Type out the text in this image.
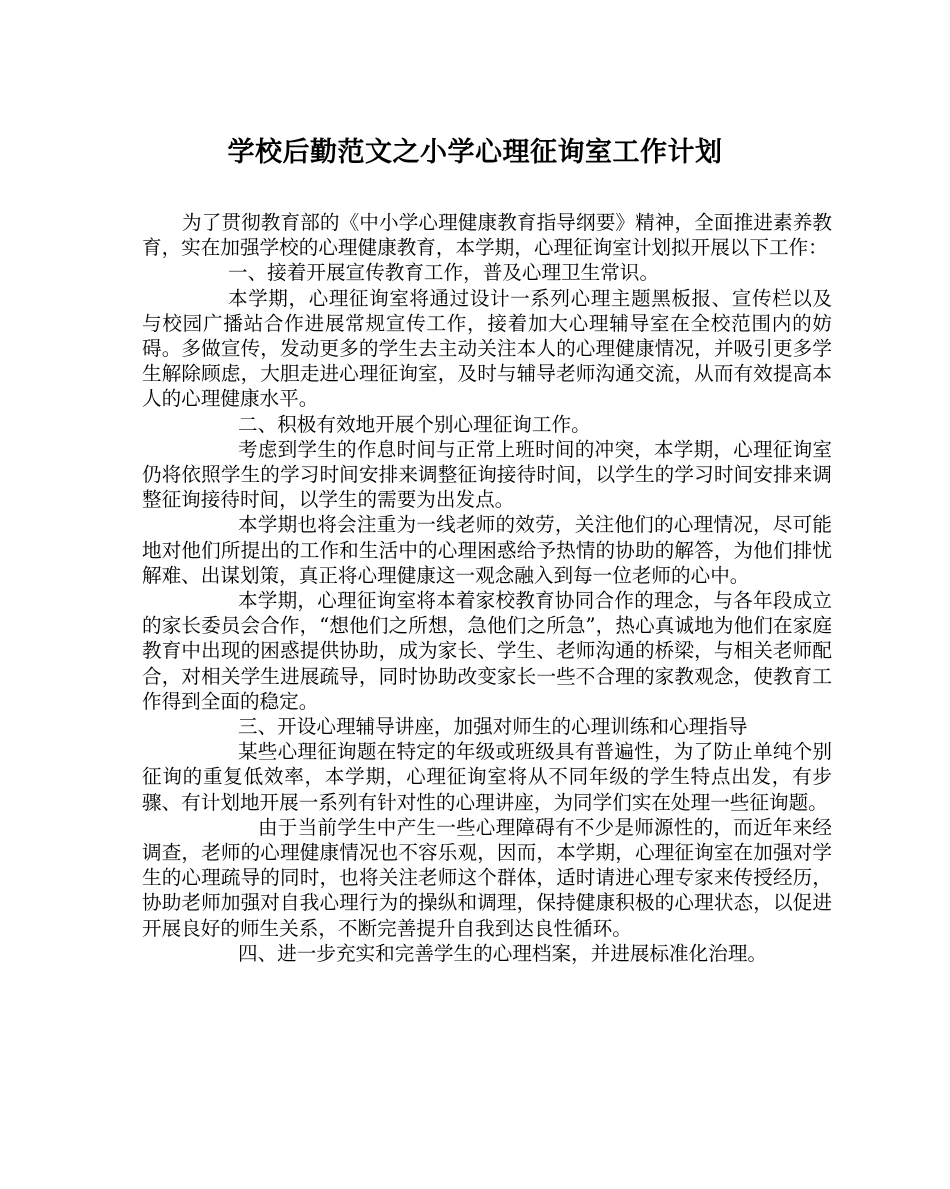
学校后勤范文之小学心理征询室工作计划

为了贯彻教育部的《中小学心理健康教育指导纲要》精神，全面推进素养教育，实在加强学校的心理健康教育，本学期，心理征询室计划拟开展以下工作：

一、接着开展宣传教育工作，普及心理卫生常识。

本学期，心理征询室将通过设计一系列心理主题黑板报、宣传栏以及与校园广播站合作进展常规宣传工作，接着加大心理辅导室在全校范围内的妨碍。多做宣传，发动更多的学生去主动关注本人的心理健康情况，并吸引更多学生解除顾虑，大胆走进心理征询室，及时与辅导老师沟通交流，从而有效提高本人的心理健康水平。

二、积极有效地开展个别心理征询工作。

考虑到学生的作息时间与正常上班时间的冲突，本学期，心理征询室仍将依照学生的学习时间安排来调整征询接待时间，以学生的学习时间安排来调整征询接待时间，以学生的需要为出发点。

本学期也将会注重为一线老师的效劳，关注他们的心理情况，尽可能地对他们所提出的工作和生活中的心理困惑给予热情的协助的解答，为他们排忧解难、出谋划策，真正将心理健康这一观念融入到每一位老师的心中。

本学期，心理征询室将本着家校教育协同合作的理念，与各年段成立的家长委员会合作，“想他们之所想，急他们之所急”，热心真诚地为他们在家庭教育中出现的困惑提供协助，成为家长、学生、老师沟通的桥梁，与相关老师配合，对相关学生进展疏导，同时协助改变家长一些不合理的家教观念，使教育工作得到全面的稳定。

三、开设心理辅导讲座，加强对师生的心理训练和心理指导

某些心理征询题在特定的年级或班级具有普遍性，为了防止单纯个别征询的重复低效率，本学期，心理征询室将从不同年级的学生特点出发，有步骤、有计划地开展一系列有针对性的心理讲座，为同学们实在处理一些征询题。

由于当前学生中产生一些心理障碍有不少是师源性的，而近年来经调查，老师的心理健康情况也不容乐观，因而，本学期，心理征询室在加强对学生的心理疏导的同时，也将关注老师这个群体，适时请进心理专家来传授经历，协助老师加强对自我心理行为的操纵和调理，保持健康积极的心理状态，以促进开展良好的师生关系，不断完善提升自我到达良性循环。

四、进一步充实和完善学生的心理档案，并进展标准化治理。
